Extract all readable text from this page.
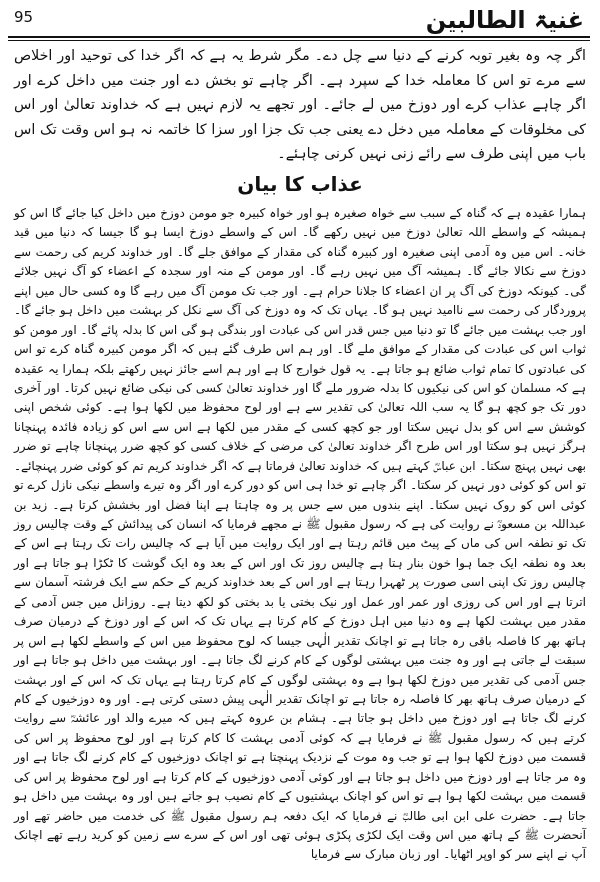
95	غنیۃ الطالبین
اگر چہ وہ بغیر توبہ کرنے کے دنیا سے چل دے۔ مگر شرط یہ ہے کہ اگر خدا کی توحید اور اخلاص سے مرے تو اس کا معاملہ خدا کے سپرد ہے۔ اگر چاہے تو بخش دے اور جنت میں داخل کرے اور اگر چاہے عذاب کرے اور دوزخ میں لے جائے۔ اور تجھے یہ لازم نہیں ہے کہ خداوند تعالیٰ اور اس کی مخلوقات کے معاملہ میں دخل دے یعنی جب تک جزا اور سزا کا خاتمہ نہ ہو اس وقت تک اس باب میں اپنی طرف سے رائے زنی نہیں کرنی چاہئے۔
عذاب کا بیان
ہمارا عقیدہ ہے کہ گناہ کے سبب سے خواہ صغیرہ ہو اور خواہ کبیرہ جو مومن دوزخ میں داخل کیا جائے گا اس کو ہمیشہ کے واسطے اللہ تعالیٰ دوزخ میں نہیں رکھے گا۔ اس کے واسطے دوزخ ایسا ہو گا جیسا کہ دنیا میں قید خانہ۔ اس میں وہ آدمی اپنی صغیرہ اور کبیرہ گناہ کی مقدار کے موافق جلے گا۔ اور خداوند کریم کی رحمت سے دوزخ سے نکالا جائے گا۔ ہمیشہ آگ میں نہیں رہے گا۔ اور مومن کے منہ اور سجدہ کے اعضاء کو آگ نہیں جلائے گی۔ کیونکہ دوزخ کی آگ پر ان اعضاء کا جلانا حرام ہے۔ اور جب تک مومن آگ میں رہے گا وہ کسی حال میں اپنے پروردگار کی رحمت سے ناامید نہیں ہو گا۔ یہاں تک کہ وہ دوزخ کی آگ سے نکل کر بہشت میں داخل ہو جائے گا۔ اور جب بہشت میں جائے گا تو دنیا میں جس قدر اس کی عبادت اور بندگی ہو گی اس کا بدلہ پائے گا۔ اور مومن کو ثواب اس کی عبادت کی مقدار کے موافق ملے گا۔ اور ہم اس طرف گئے ہیں کہ اگر مومن کبیرہ گناہ کرے تو اس کی عبادتوں کا تمام ثواب ضائع ہو جاتا ہے۔ یہ قول خوارج کا ہے اور ہم اسے جائز نہیں رکھتے بلکہ ہمارا یہ عقیدہ ہے کہ مسلمان کو اس کی نیکیوں کا بدلہ ضرور ملے گا اور خداوند تعالیٰ کسی کی نیکی ضائع نہیں کرتا۔ اور آخری دور تک جو کچھ ہو گا یہ سب اللہ تعالیٰ کی تقدیر سے ہے اور لوح محفوظ میں لکھا ہوا ہے۔ کوئی شخص اپنی کوشش سے اس کو بدل نہیں سکتا اور جو کچھ کسی کے مقدر میں لکھا ہے اس سے اس کو زیادہ فائدہ پہنچانا ہرگز نہیں ہو سکتا اور اس طرح اگر خداوند تعالیٰ کی مرضی کے خلاف کسی کو کچھ ضرر پہنچانا چاہے تو ضرر بھی نہیں پہنچ سکتا۔ ابن عباسؓ کہتے ہیں کہ خداوند تعالیٰ فرماتا ہے کہ اگر خداوند کریم تم کو کوئی ضرر پہنچائے۔ تو اس کو کوئی دور نہیں کر سکتا۔ اگر چاہے تو خدا ہی اس کو دور کرے اور اگر وہ تیرے واسطے نیکی نازل کرے تو کوئی اس کو روک نہیں سکتا۔ اپنے بندوں میں سے جس پر وہ چاہتا ہے اپنا فضل اور بخشش کرتا ہے۔ زید بن عبداللہ بن مسعودؓ نے روایت کی ہے کہ رسول مقبول ﷺ نے مجھے فرمایا کہ انسان کی پیدائش کے وقت چالیس روز تک تو نطفہ اس کی ماں کے پیٹ میں قائم رہتا ہے اور ایک روایت میں آیا ہے کہ چالیس رات تک رہتا ہے اس کے بعد وہ نطفہ ایک جما ہوا خون بنار ہتا ہے چالیس روز تک اور اس کے بعد وہ ایک گوشت کا ٹکڑا ہو جاتا ہے اور چالیس روز تک اپنی اسی صورت پر ٹھہرا رہتا ہے اور اس کے بعد خداوند کریم کے حکم سے ایک فرشتہ آسمان سے اترتا ہے اور اس کی روزی اور عمر اور عمل اور نیک بختی یا بد بختی کو لکھ دیتا ہے۔ روزانل میں جس آدمی کے مقدر میں بہشت لکھا ہے وہ دنیا میں اہل دوزخ کے کام کرتا ہے یہاں تک کہ اس کے اور دوزخ کے درمیان صرف ہاتھ بھر کا فاصلہ باقی رہ جاتا ہے تو اچانک تقدیر الٰہی جیسا کہ لوح محفوظ میں اس کے واسطے لکھا ہے اس پر سبقت لے جاتی ہے اور وہ جنت میں بہشتی لوگوں کے کام کرنے لگ جاتا ہے۔ اور بہشت میں داخل ہو جاتا ہے اور جس آدمی کی تقدیر میں دوزخ لکھا ہوا ہے وہ بہشتی لوگوں کے کام کرتا رہتا ہے یہاں تک کہ اس کے اور بہشت کے درمیان صرف ہاتھ بھر کا فاصلہ رہ جاتا ہے تو اچانک تقدیر الٰہی پیش دستی کرتی ہے۔ اور وہ دوزخیوں کے کام کرنے لگ جاتا ہے اور دوزخ میں داخل ہو جاتا ہے۔ ہشام بن عروہ کہتے ہیں کہ میرے والد اور عائشہؓ سے روایت کرتے ہیں کہ رسول مقبول ﷺ نے فرمایا ہے کہ کوئی آدمی بہشت کا کام کرتا ہے اور لوح محفوظ پر اس کی قسمت میں دوزخ لکھا ہوا ہے تو جب وہ موت کے نزدیک پہنچتا ہے تو اچانک دوزخیوں کے کام کرنے لگ جاتا ہے اور وہ مر جاتا ہے اور دوزخ میں داخل ہو جاتا ہے اور کوئی آدمی دوزخیوں کے کام کرتا ہے اور لوح محفوظ پر اس کی قسمت میں بہشت لکھا ہوا ہے تو اس کو اچانک بہشتیوں کے کام نصیب ہو جاتے ہیں اور وہ بہشت میں داخل ہو جاتا ہے۔ حضرت علی ابن ابی طالبؓ نے فرمایا کہ ایک دفعہ ہم رسول مقبول ﷺ کی خدمت میں حاضر تھے اور آنحضرت ﷺ کے ہاتھ میں اس وقت ایک لکڑی پکڑی ہوئی تھی اور اس کے سرے سے زمین کو کرید رہے تھے اچانک آپ نے اپنے سر کو اوپر اٹھایا۔ اور زبان مبارک سے فرمایا
